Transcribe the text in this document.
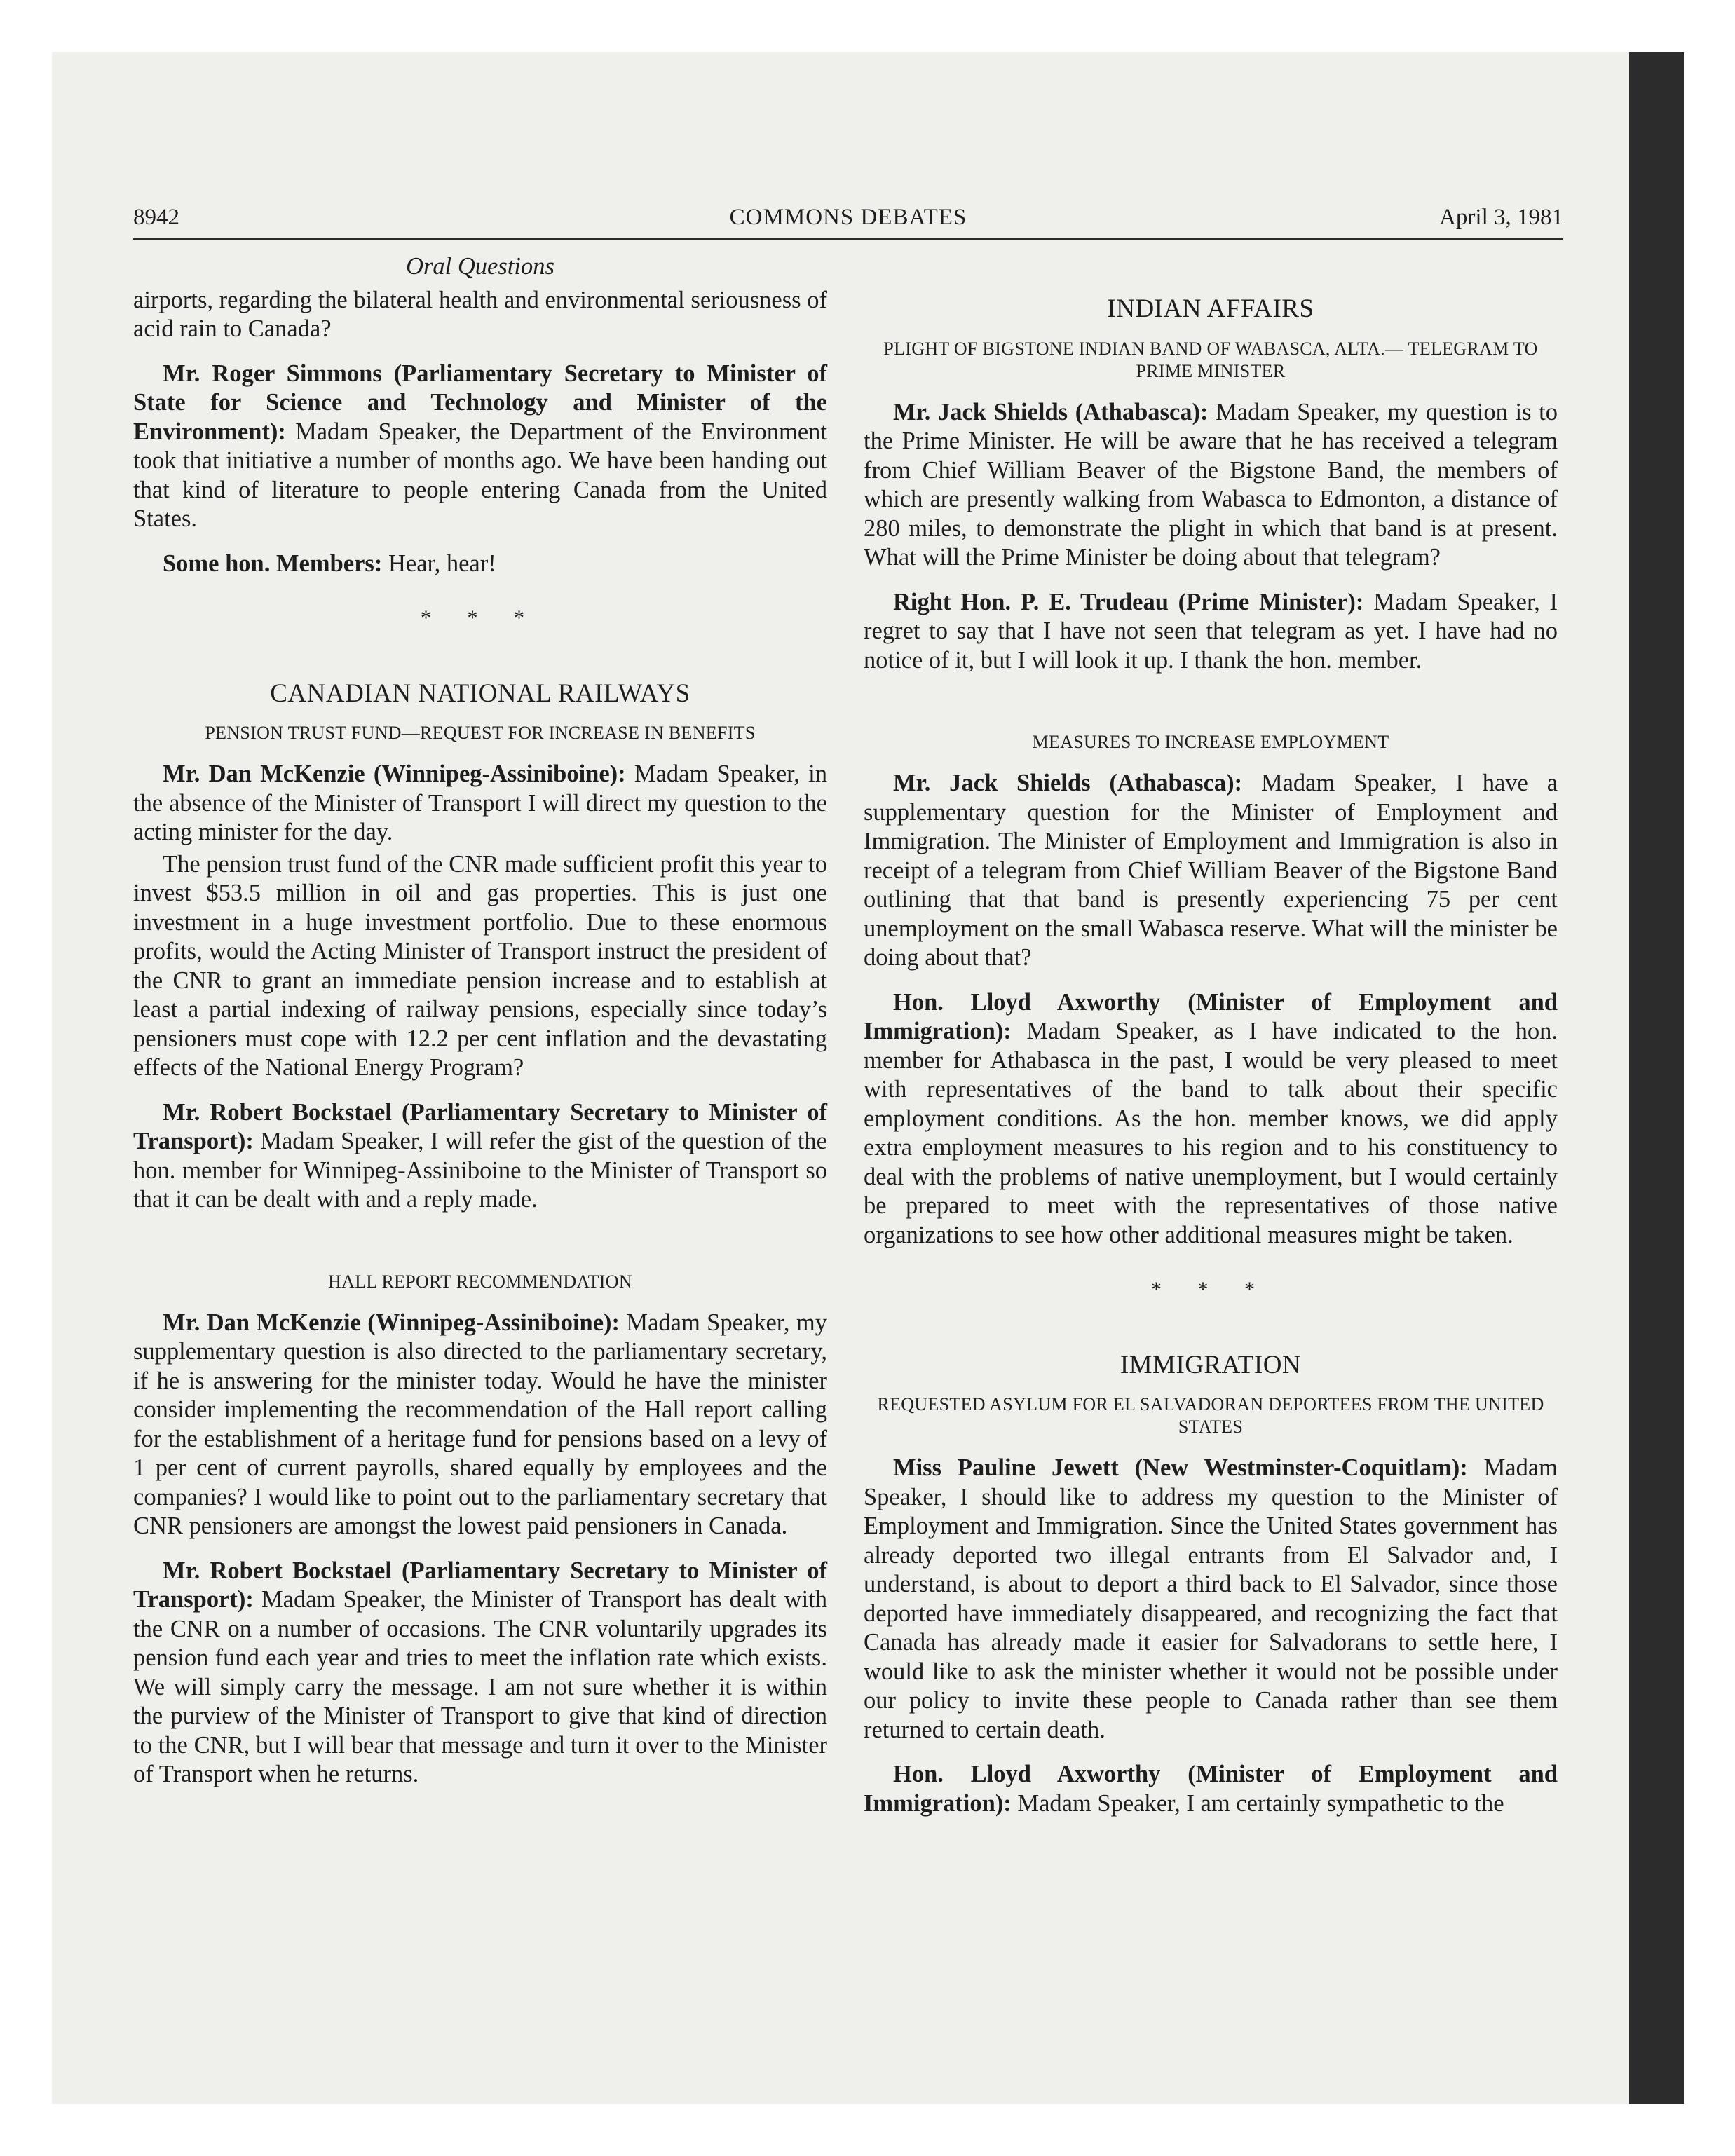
8942	COMMONS DEBATES	April 3, 1981
Oral Questions

airports, regarding the bilateral health and environmental seriousness of acid rain to Canada?

Mr. Roger Simmons (Parliamentary Secretary to Minister of State for Science and Technology and Minister of the Environment): Madam Speaker, the Department of the Environment took that initiative a number of months ago. We have been handing out that kind of literature to people entering Canada from the United States.

Some hon. Members: Hear, hear!

* * *
CANADIAN NATIONAL RAILWAYS
PENSION TRUST FUND—REQUEST FOR INCREASE IN BENEFITS

Mr. Dan McKenzie (Winnipeg-Assiniboine): Madam Speaker, in the absence of the Minister of Transport I will direct my question to the acting minister for the day.

The pension trust fund of the CNR made sufficient profit this year to invest $53.5 million in oil and gas properties. This is just one investment in a huge investment portfolio. Due to these enormous profits, would the Acting Minister of Transport instruct the president of the CNR to grant an immediate pension increase and to establish at least a partial indexing of railway pensions, especially since today’s pensioners must cope with 12.2 per cent inflation and the devastating effects of the National Energy Program?

Mr. Robert Bockstael (Parliamentary Secretary to Minister of Transport): Madam Speaker, I will refer the gist of the question of the hon. member for Winnipeg-Assiniboine to the Minister of Transport so that it can be dealt with and a reply made.

HALL REPORT RECOMMENDATION

Mr. Dan McKenzie (Winnipeg-Assiniboine): Madam Speaker, my supplementary question is also directed to the parliamentary secretary, if he is answering for the minister today. Would he have the minister consider implementing the recommendation of the Hall report calling for the establishment of a heritage fund for pensions based on a levy of 1 per cent of current payrolls, shared equally by employees and the companies? I would like to point out to the parliamentary secretary that CNR pensioners are amongst the lowest paid pensioners in Canada.

Mr. Robert Bockstael (Parliamentary Secretary to Minister of Transport): Madam Speaker, the Minister of Transport has dealt with the CNR on a number of occasions. The CNR voluntarily upgrades its pension fund each year and tries to meet the inflation rate which exists. We will simply carry the message. I am not sure whether it is within the purview of the Minister of Transport to give that kind of direction to the CNR, but I will bear that message and turn it over to the Minister of Transport when he returns.

INDIAN AFFAIRS
PLIGHT OF BIGSTONE INDIAN BAND OF WABASCA, ALTA.— TELEGRAM TO PRIME MINISTER

Mr. Jack Shields (Athabasca): Madam Speaker, my question is to the Prime Minister. He will be aware that he has received a telegram from Chief William Beaver of the Bigstone Band, the members of which are presently walking from Wabasca to Edmonton, a distance of 280 miles, to demonstrate the plight in which that band is at present. What will the Prime Minister be doing about that telegram?

Right Hon. P. E. Trudeau (Prime Minister): Madam Speaker, I regret to say that I have not seen that telegram as yet. I have had no notice of it, but I will look it up. I thank the hon. member.

MEASURES TO INCREASE EMPLOYMENT

Mr. Jack Shields (Athabasca): Madam Speaker, I have a supplementary question for the Minister of Employment and Immigration. The Minister of Employment and Immigration is also in receipt of a telegram from Chief William Beaver of the Bigstone Band outlining that that band is presently experiencing 75 per cent unemployment on the small Wabasca reserve. What will the minister be doing about that?

Hon. Lloyd Axworthy (Minister of Employment and Immigration): Madam Speaker, as I have indicated to the hon. member for Athabasca in the past, I would be very pleased to meet with representatives of the band to talk about their specific employment conditions. As the hon. member knows, we did apply extra employment measures to his region and to his constituency to deal with the problems of native unemployment, but I would certainly be prepared to meet with the representatives of those native organizations to see how other additional measures might be taken.

* * *
IMMIGRATION
REQUESTED ASYLUM FOR EL SALVADORAN DEPORTEES FROM THE UNITED STATES

Miss Pauline Jewett (New Westminster-Coquitlam): Madam Speaker, I should like to address my question to the Minister of Employment and Immigration. Since the United States government has already deported two illegal entrants from El Salvador and, I understand, is about to deport a third back to El Salvador, since those deported have immediately disappeared, and recognizing the fact that Canada has already made it easier for Salvadorans to settle here, I would like to ask the minister whether it would not be possible under our policy to invite these people to Canada rather than see them returned to certain death.

Hon. Lloyd Axworthy (Minister of Employment and Immigration): Madam Speaker, I am certainly sympathetic to the
